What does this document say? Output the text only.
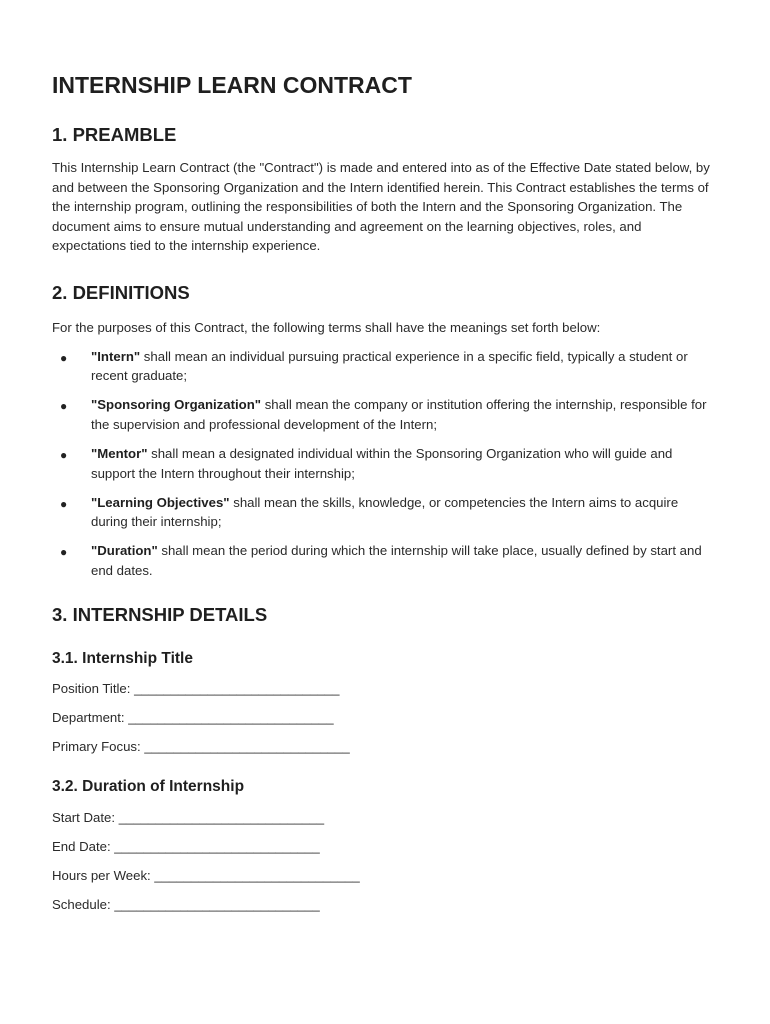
INTERNSHIP LEARN CONTRACT
1. PREAMBLE

This Internship Learn Contract (the "Contract") is made and entered into as of the Effective Date stated below, by and between the Sponsoring Organization and the Intern identified herein. This Contract establishes the terms of the internship program, outlining the responsibilities of both the Intern and the Sponsoring Organization. The document aims to ensure mutual understanding and agreement on the learning objectives, roles, and expectations tied to the internship experience.

2. DEFINITIONS

For the purposes of this Contract, the following terms shall have the meanings set forth below:

● "Intern" shall mean an individual pursuing practical experience in a specific field, typically a student or recent graduate;
● "Sponsoring Organization" shall mean the company or institution offering the internship, responsible for the supervision and professional development of the Intern;
● "Mentor" shall mean a designated individual within the Sponsoring Organization who will guide and support the Intern throughout their internship;
● "Learning Objectives" shall mean the skills, knowledge, or competencies the Intern aims to acquire during their internship;
● "Duration" shall mean the period during which the internship will take place, usually defined by start and end dates.
3. INTERNSHIP DETAILS
3.1. Internship Title
Position Title: ____________________________
Department: ____________________________
Primary Focus: ____________________________
3.2. Duration of Internship
Start Date: ____________________________
End Date: ____________________________
Hours per Week: ____________________________
Schedule: ____________________________
